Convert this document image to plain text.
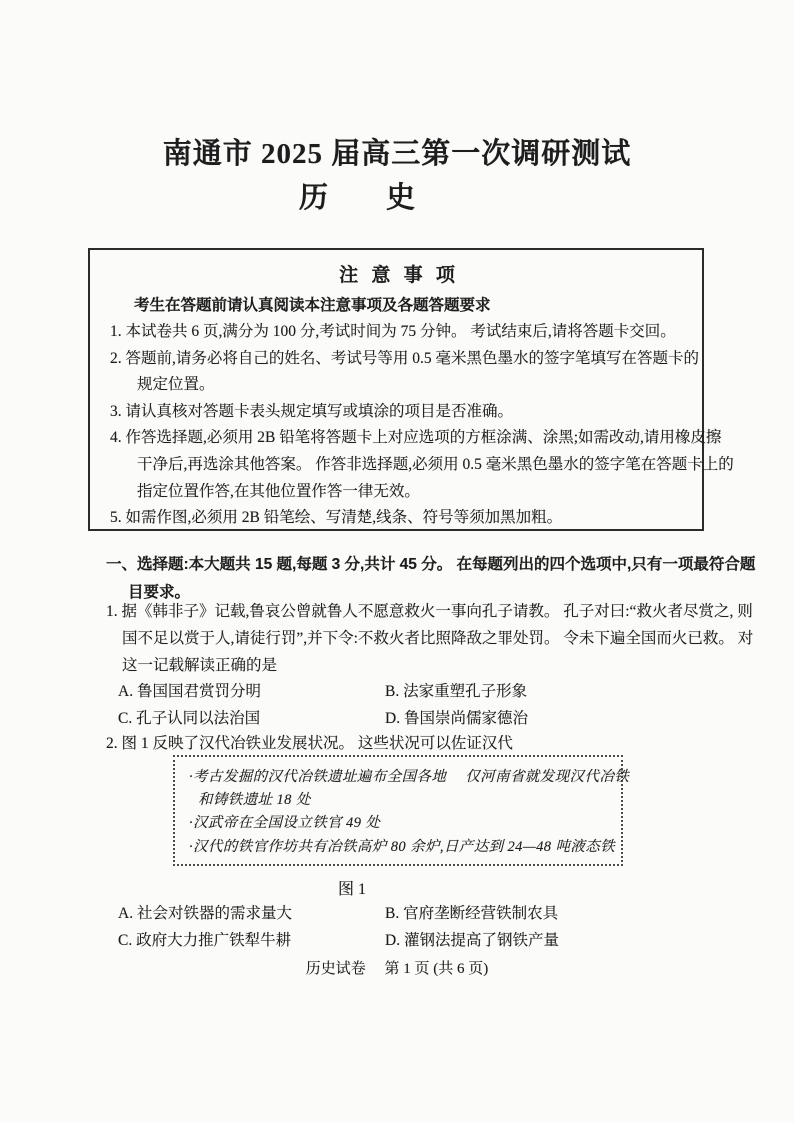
南通市 2025 届高三第一次调研测试
历　　史
注 意 事 项
考生在答题前请认真阅读本注意事项及各题答题要求
1. 本试卷共 6 页,满分为 100 分,考试时间为 75 分钟。 考试结束后,请将答题卡交回。
2. 答题前,请务必将自己的姓名、考试号等用 0.5 毫米黑色墨水的签字笔填写在答题卡的
规定位置。
3. 请认真核对答题卡表头规定填写或填涂的项目是否准确。
4. 作答选择题,必须用 2B 铅笔将答题卡上对应选项的方框涂满、涂黑;如需改动,请用橡皮擦
干净后,再选涂其他答案。 作答非选择题,必须用 0.5 毫米黑色墨水的签字笔在答题卡上的
指定位置作答,在其他位置作答一律无效。
5. 如需作图,必须用 2B 铅笔绘、写清楚,线条、符号等须加黑加粗。
一、选择题:本大题共 15 题,每题 3 分,共计 45 分。 在每题列出的四个选项中,只有一项最符合题
目要求。
1. 据《韩非子》记载,鲁哀公曾就鲁人不愿意救火一事向孔子请教。 孔子对曰:“救火者尽赏之, 则
国不足以赏于人,请徒行罚”,并下令:不救火者比照降敌之罪处罚。 令未下遍全国而火已救。 对
这一记载解读正确的是
A. 鲁国国君赏罚分明	B. 法家重塑孔子形象
C. 孔子认同以法治国	D. 鲁国崇尚儒家德治
2. 图 1 反映了汉代冶铁业发展状况。 这些状况可以佐证汉代
·考古发掘的汉代冶铁遗址遍布全国各地　 仅河南省就发现汉代冶铁
和铸铁遗址 18 处
·汉武帝在全国设立铁官 49 处
·汉代的铁官作坊共有冶铁高炉 80 余炉,日产达到 24—48 吨液态铁
图 1
A. 社会对铁器的需求量大	B. 官府垄断经营铁制农具
C. 政府大力推广铁犁牛耕	D. 灌钢法提高了钢铁产量
历史试卷　 第 1 页 (共 6 页)
